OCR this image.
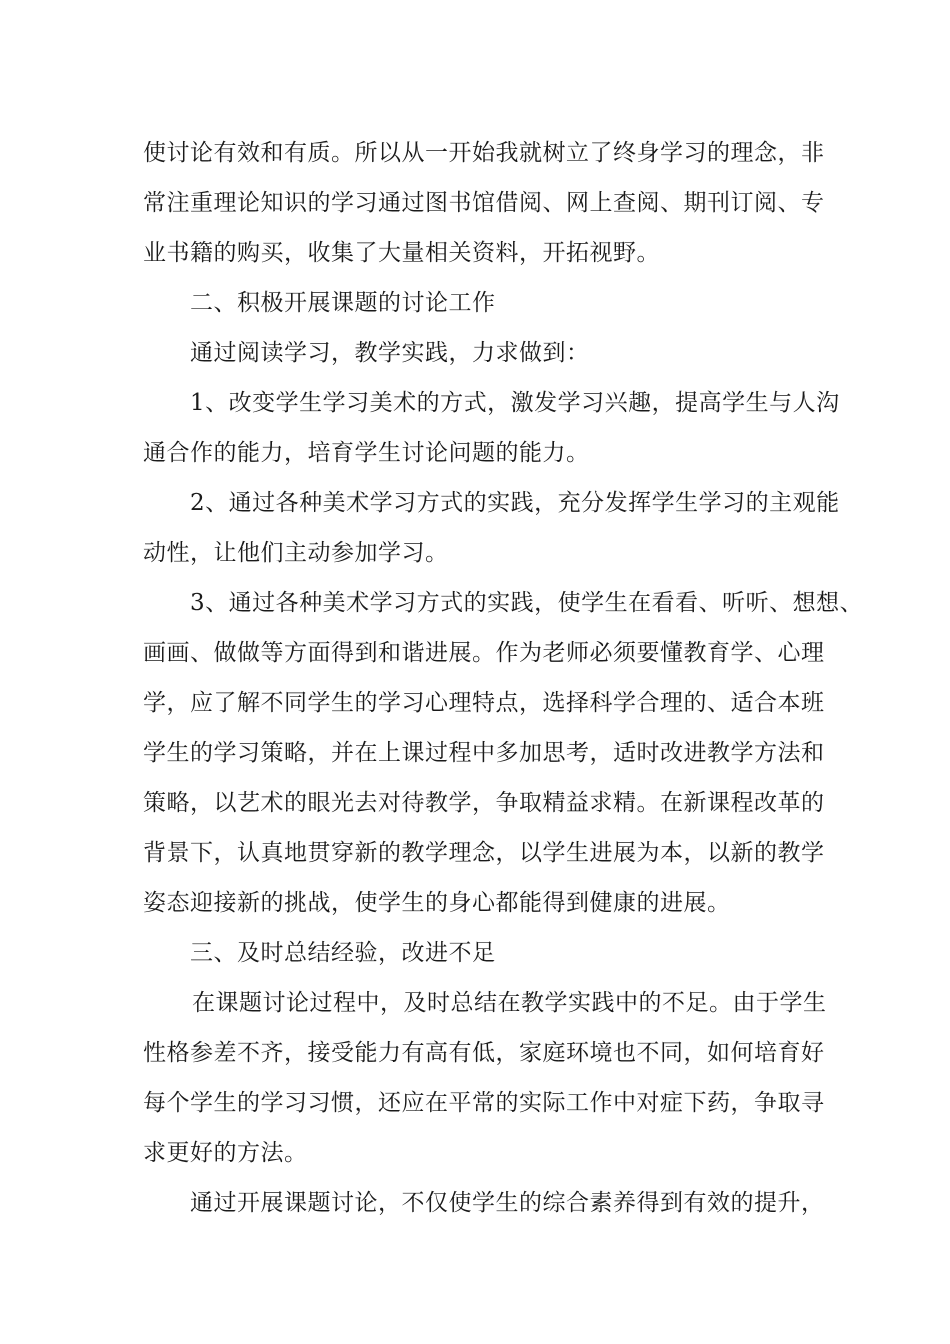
使讨论有效和有质。所以从一开始我就树立了终身学习的理念，非
常注重理论知识的学习通过图书馆借阅、网上查阅、期刊订阅、专
业书籍的购买，收集了大量相关资料，开拓视野。
二、积极开展课题的讨论工作
通过阅读学习，教学实践，力求做到：
1、改变学生学习美术的方式，激发学习兴趣，提高学生与人沟
通合作的能力，培育学生讨论问题的能力。
2、通过各种美术学习方式的实践，充分发挥学生学习的主观能
动性，让他们主动参加学习。
3、通过各种美术学习方式的实践，使学生在看看、听听、想想、
画画、做做等方面得到和谐进展。作为老师必须要懂教育学、心理
学，应了解不同学生的学习心理特点，选择科学合理的、适合本班
学生的学习策略，并在上课过程中多加思考，适时改进教学方法和
策略，以艺术的眼光去对待教学，争取精益求精。在新课程改革的
背景下，认真地贯穿新的教学理念，以学生进展为本，以新的教学
姿态迎接新的挑战，使学生的身心都能得到健康的进展。
三、及时总结经验，改进不足
在课题讨论过程中，及时总结在教学实践中的不足。由于学生
性格参差不齐，接受能力有高有低，家庭环境也不同，如何培育好
每个学生的学习习惯，还应在平常的实际工作中对症下药，争取寻
求更好的方法。
通过开展课题讨论，不仅使学生的综合素养得到有效的提升，
